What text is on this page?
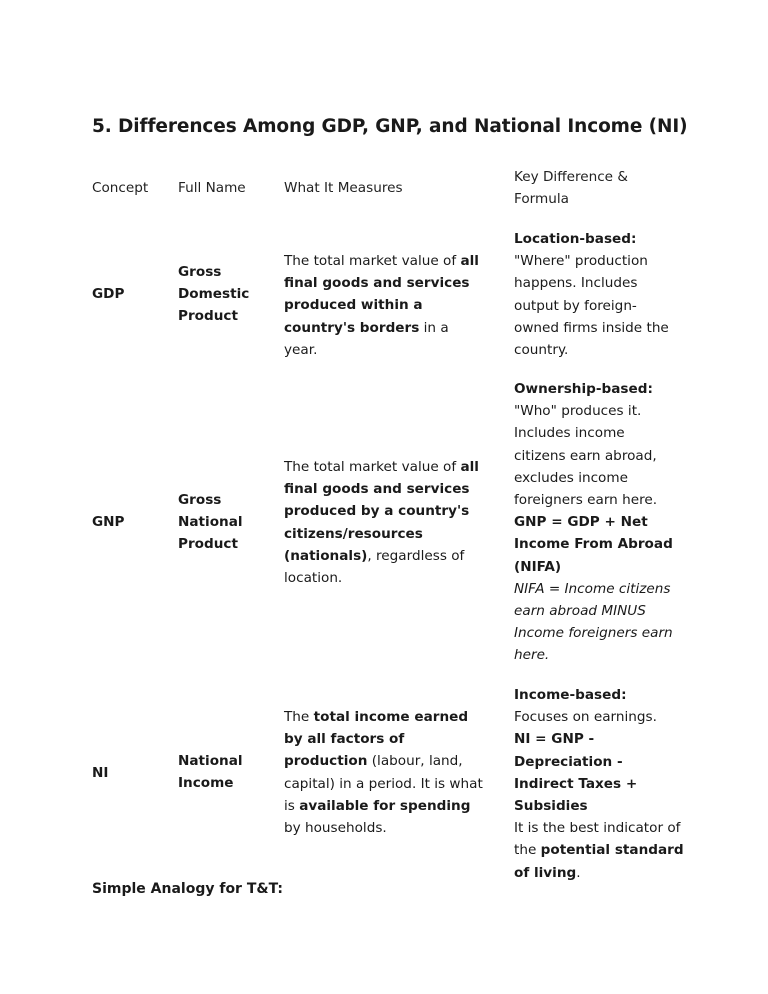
5. Differences Among GDP, GNP, and National Income (NI)
Concept	Full Name	What It Measures
Key Difference & Formula
GDP
Gross Domestic Product
The total market value of all final goods and services produced within a country's borders in a year.
Location-based: "Where" production happens. Includes output by foreign-owned firms inside the country.
GNP
Gross National Product
The total market value of all final goods and services produced by a country's citizens/resources (nationals), regardless of location.
Ownership-based: "Who" produces it. Includes income citizens earn abroad, excludes income foreigners earn here.
GNP = GDP + Net Income From Abroad (NIFA)
NIFA = Income citizens earn abroad MINUS Income foreigners earn here.
NI
National Income
The total income earned by all factors of production (labour, land, capital) in a period. It is what is available for spending by households.
Income-based: Focuses on earnings.
NI = GNP - Depreciation - Indirect Taxes + Subsidies
It is the best indicator of the potential standard of living.
Simple Analogy for T&T:
